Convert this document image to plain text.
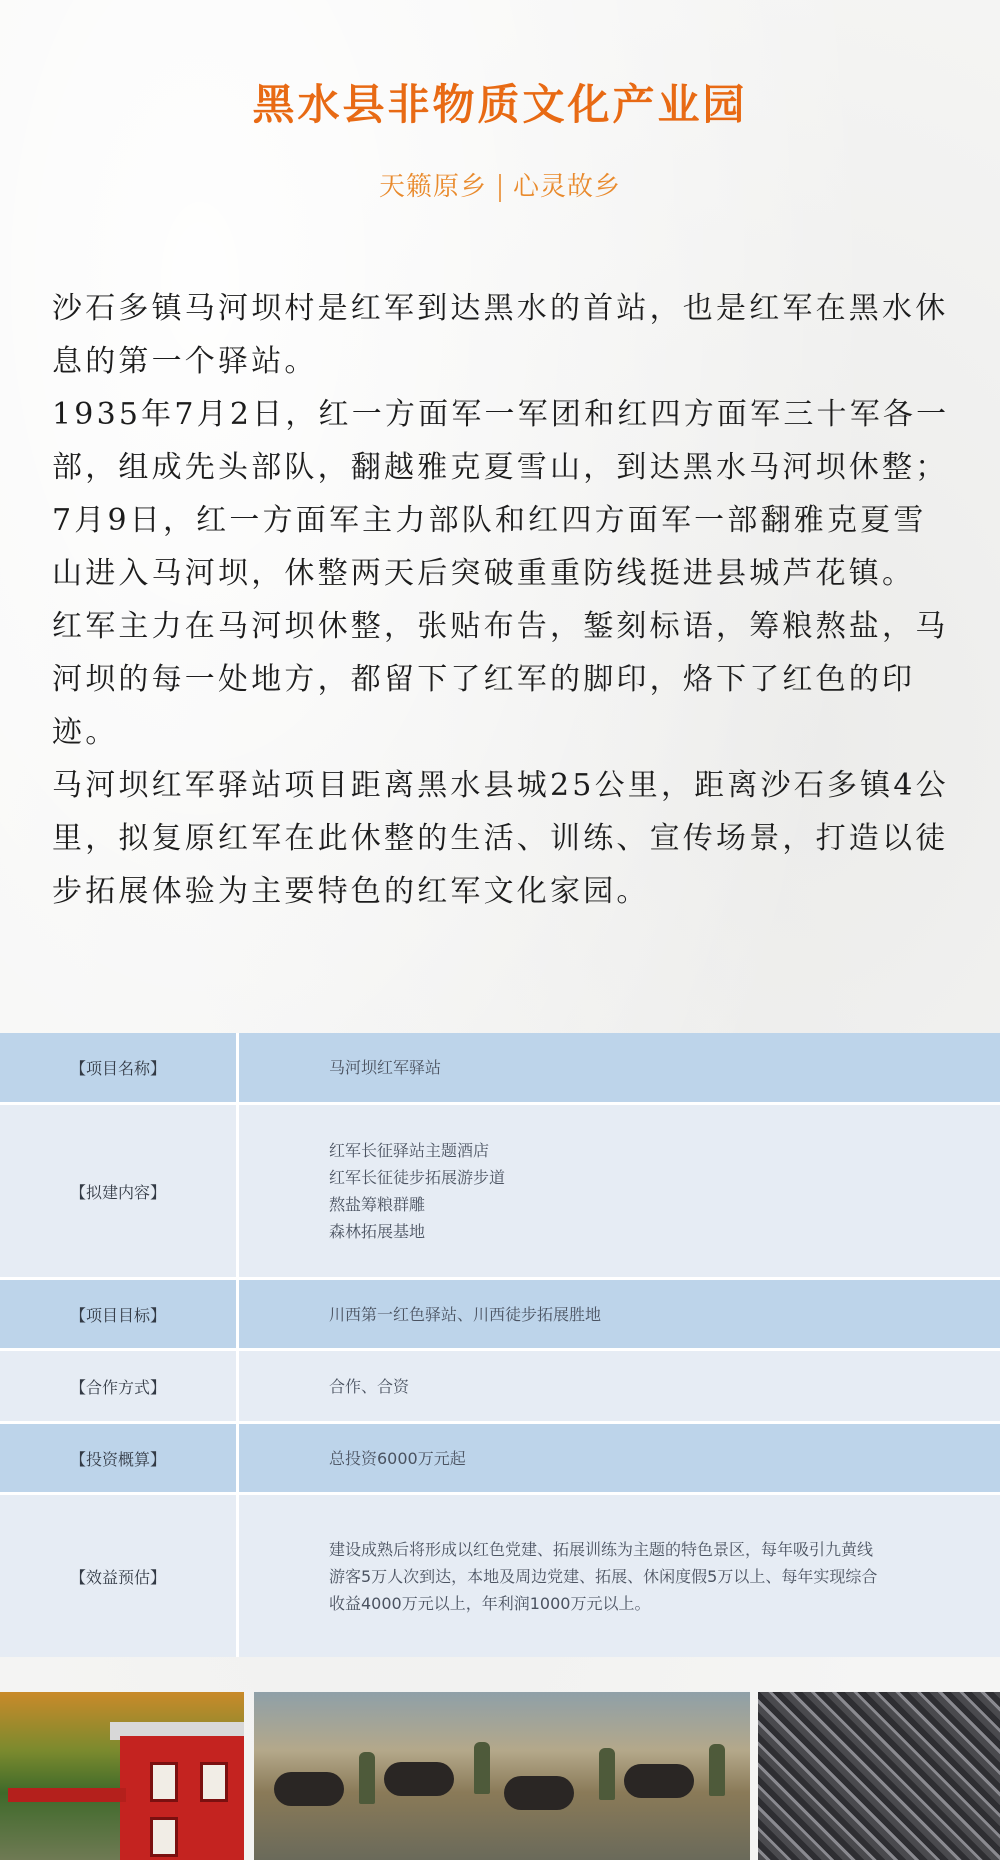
黑水县非物质文化产业园
天籁原乡 心灵故乡

沙石多镇马河坝村是红军到达黑水的首站，也是红军在黑水休息的第一个驿站。

1935年7月2日，红一方面军一军团和红四方面军三十军各一部，组成先头部队，翻越雅克夏雪山，到达黑水马河坝休整； 7月9日，红一方面军主力部队和红四方面军一部翻雅克夏雪山进入马河坝，休整两天后突破重重防线挺进县城芦花镇。

红军主力在马河坝休整，张贴布告，錾刻标语，筹粮熬盐，马河坝的每一处地方，都留下了红军的脚印，烙下了红色的印迹。

马河坝红军驿站项目距离黑水县城25公里，距离沙石多镇4公里，拟复原红军在此休整的生活、训练、宣传场景，打造以徒步拓展体验为主要特色的红军文化家园。

【项目名称】	马河坝红军驿站
【拟建内容】
红军长征驿站主题酒店
红军长征徒步拓展游步道
熬盐筹粮群雕
森林拓展基地
【项目目标】	川西第一红色驿站、川西徒步拓展胜地
【合作方式】	合作、合资
【投资概算】	总投资6000万元起
【效益预估】
建设成熟后将形成以红色党建、拓展训练为主题的特色景区，每年吸引九黄线
游客5万人次到达，本地及周边党建、拓展、休闲度假5万以上、每年实现综合
收益4000万元以上，年利润1000万元以上。
